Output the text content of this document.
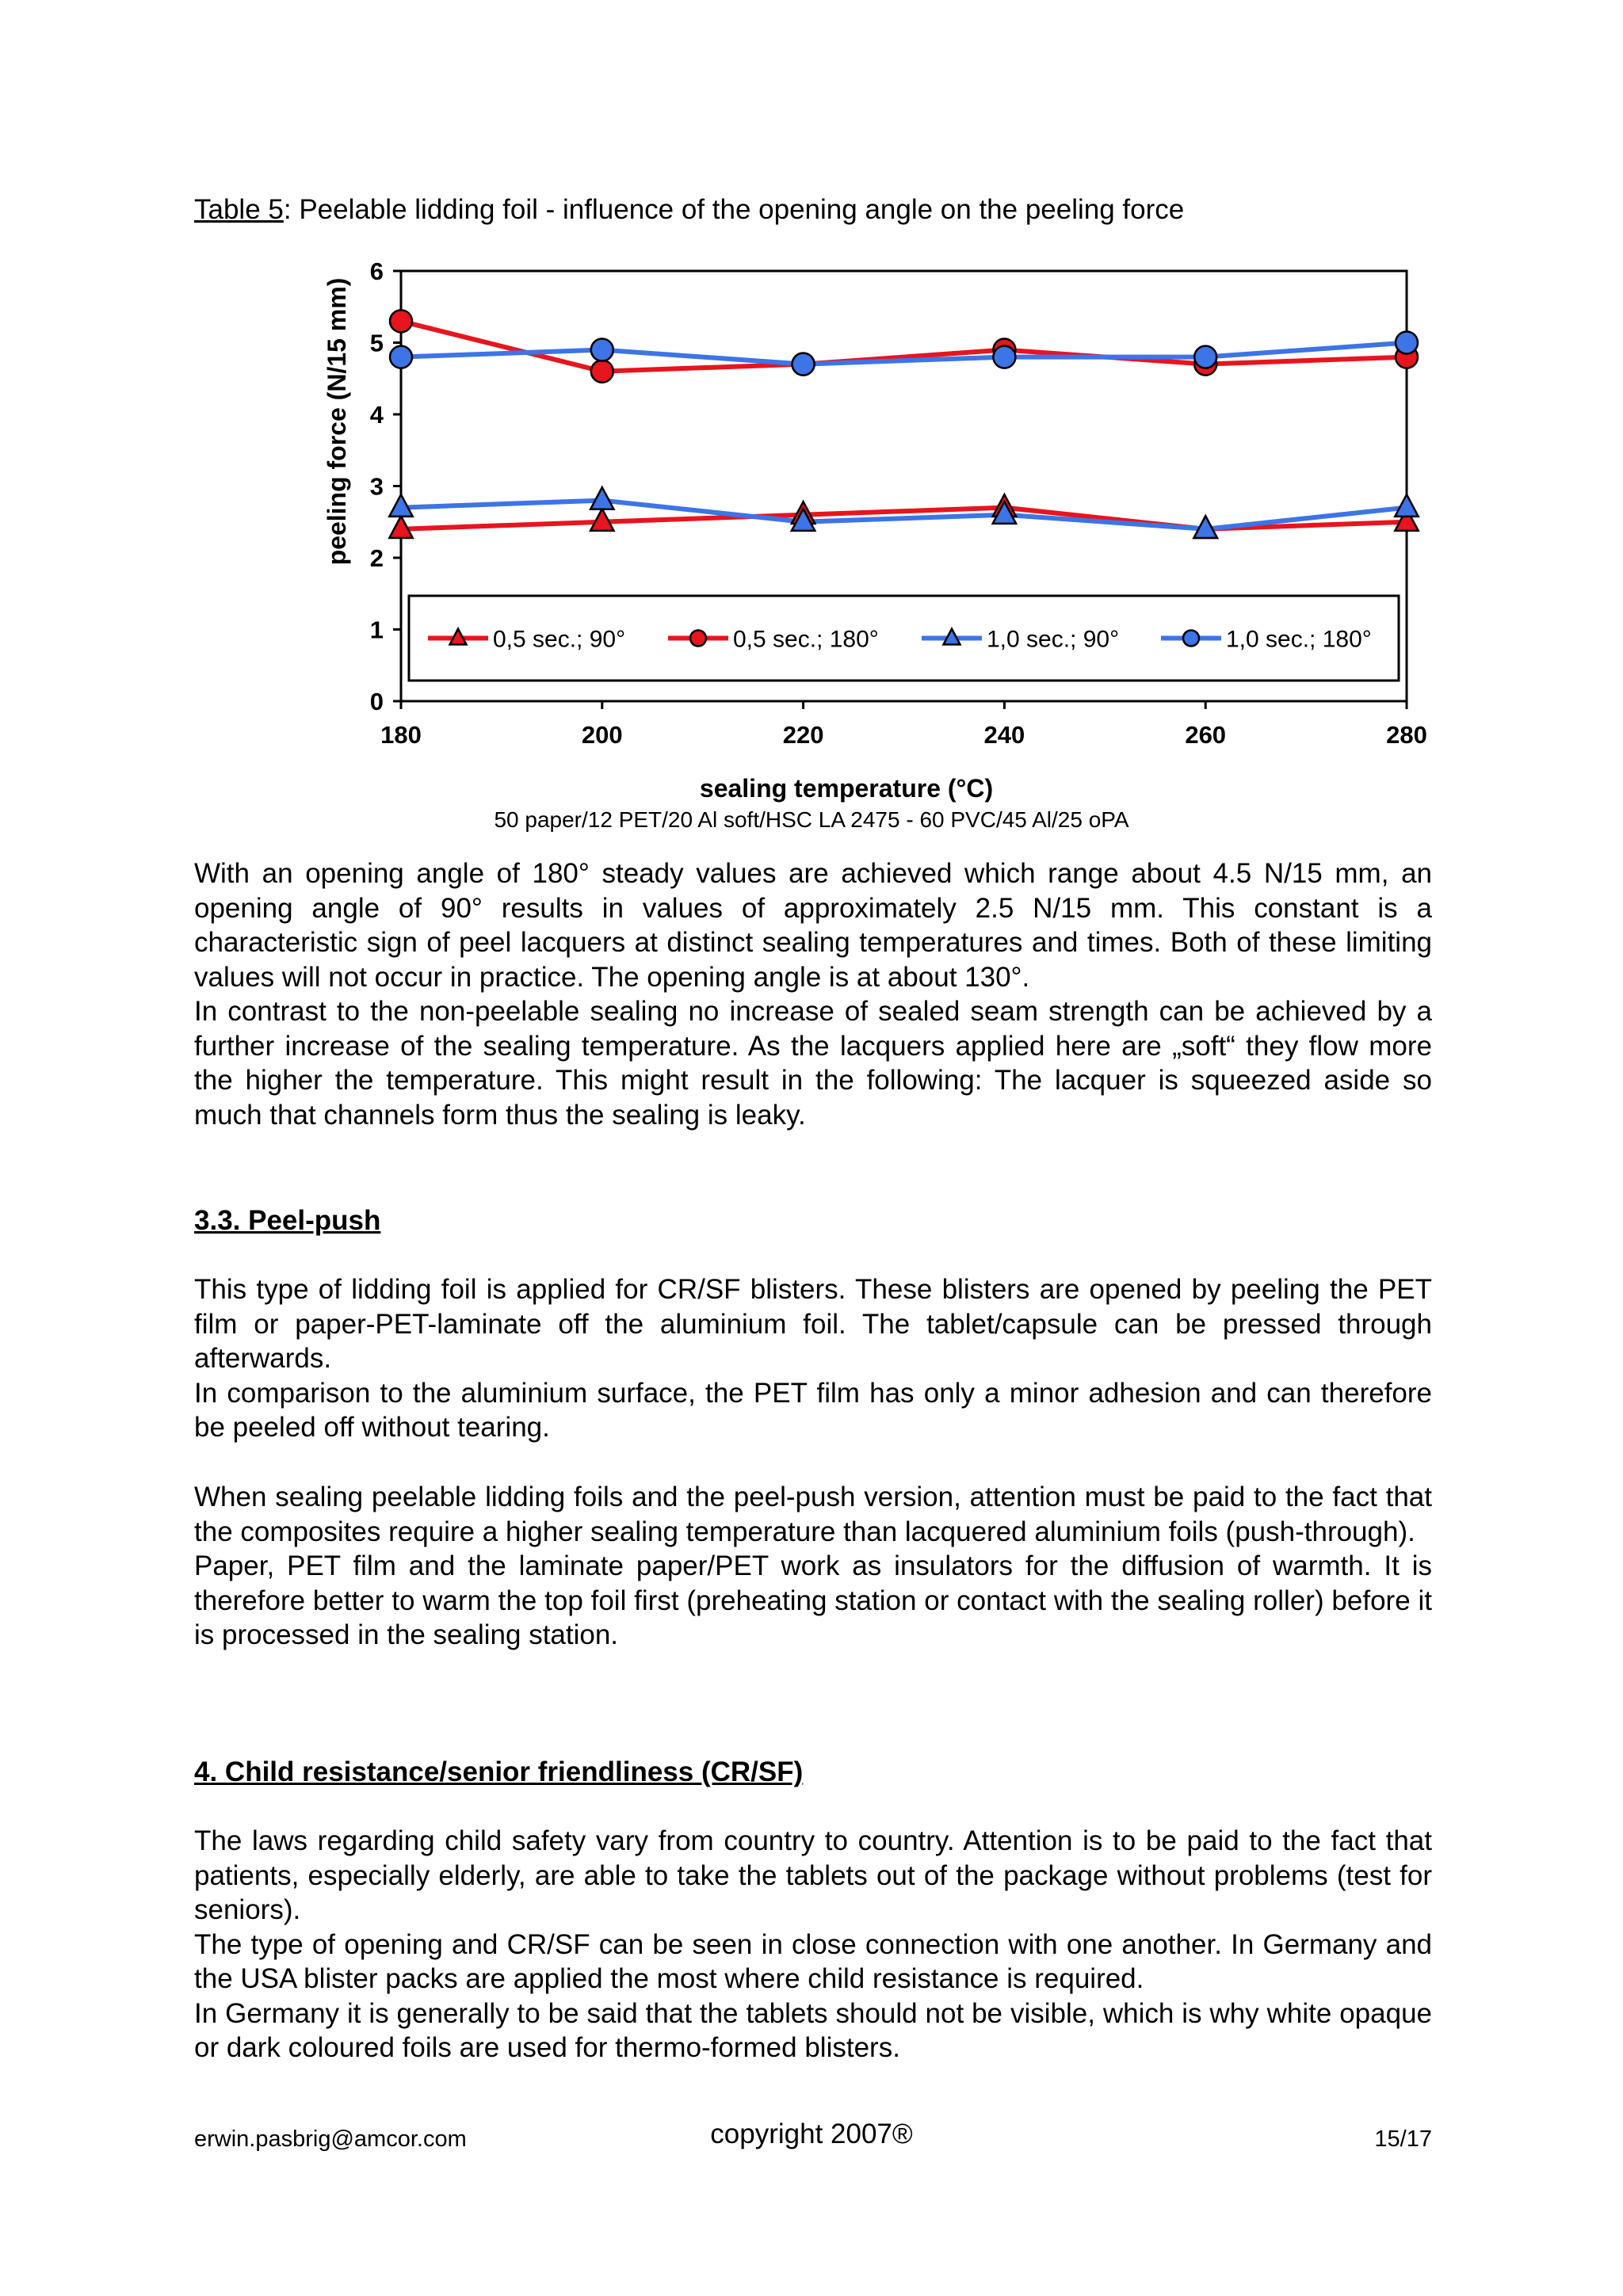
Table 5: Peelable lidding foil - influence of the opening angle on the peeling force
0
1
2
3
4
5
6
180	200	220	240	260	280
0,5 sec.; 90°	0,5 sec.; 180°	1,0 sec.; 90°	1,0 sec.; 180°
peeling force (N/15 mm)
sealing temperature (°C)
50 paper/12 PET/20 Al soft/HSC LA 2475 - 60 PVC/45 Al/25 oPA

With an opening angle of 180° steady values are achieved which range about 4.5 N/15 mm, an opening angle of 90° results in values of approximately 2.5 N/15 mm. This constant is a characteristic sign of peel lacquers at distinct sealing temperatures and times. Both of these limiting values will not occur in practice. The opening angle is at about 130°.

In contrast to the non-peelable sealing no increase of sealed seam strength can be achieved by a further increase of the sealing temperature. As the lacquers applied here are „soft“ they flow more the higher the temperature. This might result in the following: The lacquer is squeezed aside so much that channels form thus the sealing is leaky.

3.3. Peel-push

This type of lidding foil is applied for CR/SF blisters. These blisters are opened by peeling the PET film or paper-PET-laminate off the aluminium foil. The tablet/capsule can be pressed through afterwards.

In comparison to the aluminium surface, the PET film has only a minor adhesion and can therefore be peeled off without tearing.

When sealing peelable lidding foils and the peel-push version, attention must be paid to the fact that the composites require a higher sealing temperature than lacquered aluminium foils (push-through).

Paper, PET film and the laminate paper/PET work as insulators for the diffusion of warmth. It is therefore better to warm the top foil first (preheating station or contact with the sealing roller) before it is processed in the sealing station.

4. Child resistance/senior friendliness (CR/SF)

The laws regarding child safety vary from country to country. Attention is to be paid to the fact that patients, especially elderly, are able to take the tablets out of the package without problems (test for seniors).

The type of opening and CR/SF can be seen in close connection with one another. In Germany and the USA blister packs are applied the most where child resistance is required.

In Germany it is generally to be said that the tablets should not be visible, which is why white opaque or dark coloured foils are used for thermo-formed blisters.

erwin.pasbrig@amcor.com	copyright 2007®	15/17
